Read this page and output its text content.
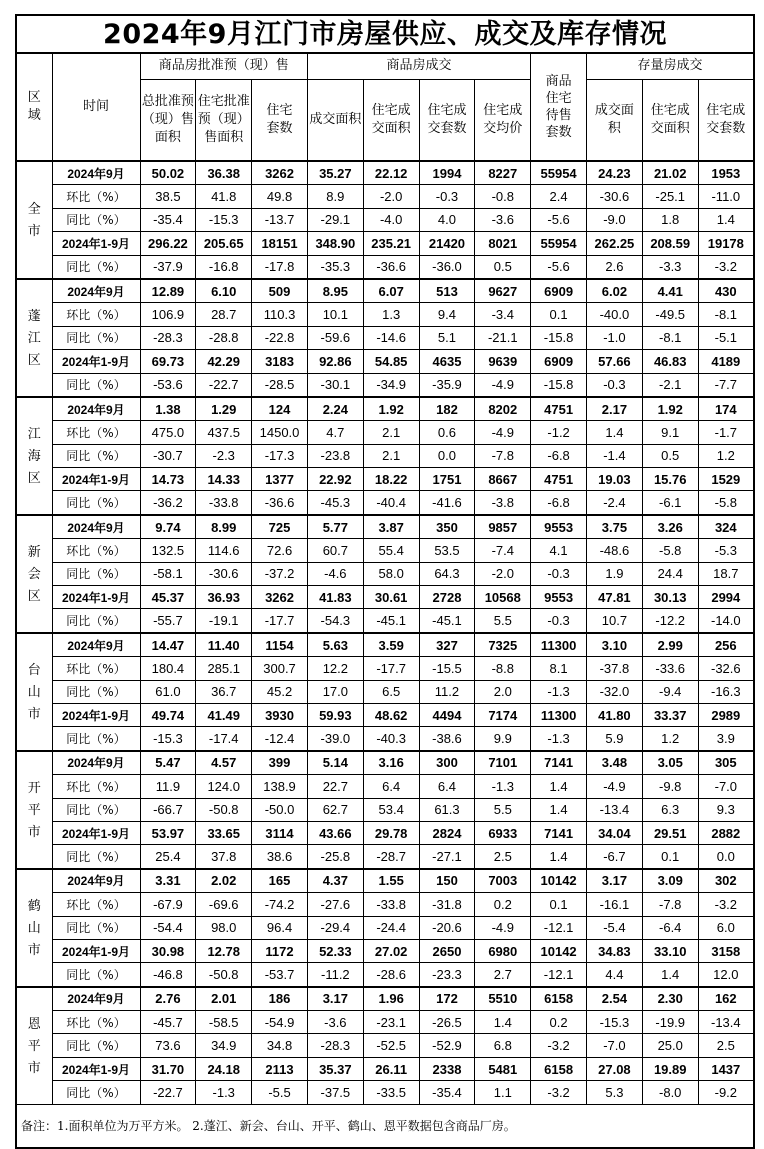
2024年9月江门市房屋供应、成交及库存情况
区
域	时间	商品房批准预（现）售			商品房成交				商品住宅待售套数	存量房成交		
		总批准预（现）售面积	住宅批准预（现）售面积	住宅套数	成交面积	住宅成交面积	住宅成交套数	住宅成交均价		成交面积	住宅成交面积	住宅成交套数

全
市	2024年9月	50.02	36.38	3262	35.27	22.12	1994	8227	55954	24.23	21.02	1953
	环比（%）	38.5	41.8	49.8	8.9	-2.0	-0.3	-0.8	2.4	-30.6	-25.1	-11.0
	同比（%）	-35.4	-15.3	-13.7	-29.1	-4.0	4.0	-3.6	-5.6	-9.0	1.8	1.4
	2024年1-9月	296.22	205.65	18151	348.90	235.21	21420	8021	55954	262.25	208.59	19178
	同比（%）	-37.9	-16.8	-17.8	-35.3	-36.6	-36.0	0.5	-5.6	2.6	-3.3	-3.2

蓬
江
区	2024年9月	12.89	6.10	509	8.95	6.07	513	9627	6909	6.02	4.41	430
	环比（%）	106.9	28.7	110.3	10.1	1.3	9.4	-3.4	0.1	-40.0	-49.5	-8.1
	同比（%）	-28.3	-28.8	-22.8	-59.6	-14.6	5.1	-21.1	-15.8	-1.0	-8.1	-5.1
	2024年1-9月	69.73	42.29	3183	92.86	54.85	4635	9639	6909	57.66	46.83	4189
	同比（%）	-53.6	-22.7	-28.5	-30.1	-34.9	-35.9	-4.9	-15.8	-0.3	-2.1	-7.7

江
海
区	2024年9月	1.38	1.29	124	2.24	1.92	182	8202	4751	2.17	1.92	174
	环比（%）	475.0	437.5	1450.0	4.7	2.1	0.6	-4.9	-1.2	1.4	9.1	-1.7
	同比（%）	-30.7	-2.3	-17.3	-23.8	2.1	0.0	-7.8	-6.8	-1.4	0.5	1.2
	2024年1-9月	14.73	14.33	1377	22.92	18.22	1751	8667	4751	19.03	15.76	1529
	同比（%）	-36.2	-33.8	-36.6	-45.3	-40.4	-41.6	-3.8	-6.8	-2.4	-6.1	-5.8

新
会
区	2024年9月	9.74	8.99	725	5.77	3.87	350	9857	9553	3.75	3.26	324
	环比（%）	132.5	114.6	72.6	60.7	55.4	53.5	-7.4	4.1	-48.6	-5.8	-5.3
	同比（%）	-58.1	-30.6	-37.2	-4.6	58.0	64.3	-2.0	-0.3	1.9	24.4	18.7
	2024年1-9月	45.37	36.93	3262	41.83	30.61	2728	10568	9553	47.81	30.13	2994
	同比（%）	-55.7	-19.1	-17.7	-54.3	-45.1	-45.1	5.5	-0.3	10.7	-12.2	-14.0

台
山
市	2024年9月	14.47	11.40	1154	5.63	3.59	327	7325	11300	3.10	2.99	256
	环比（%）	180.4	285.1	300.7	12.2	-17.7	-15.5	-8.8	8.1	-37.8	-33.6	-32.6
	同比（%）	61.0	36.7	45.2	17.0	6.5	11.2	2.0	-1.3	-32.0	-9.4	-16.3
	2024年1-9月	49.74	41.49	3930	59.93	48.62	4494	7174	11300	41.80	33.37	2989
	同比（%）	-15.3	-17.4	-12.4	-39.0	-40.3	-38.6	9.9	-1.3	5.9	1.2	3.9

开
平
市	2024年9月	5.47	4.57	399	5.14	3.16	300	7101	7141	3.48	3.05	305
	环比（%）	11.9	124.0	138.9	22.7	6.4	6.4	-1.3	1.4	-4.9	-9.8	-7.0
	同比（%）	-66.7	-50.8	-50.0	62.7	53.4	61.3	5.5	1.4	-13.4	6.3	9.3
	2024年1-9月	53.97	33.65	3114	43.66	29.78	2824	6933	7141	34.04	29.51	2882
	同比（%）	25.4	37.8	38.6	-25.8	-28.7	-27.1	2.5	1.4	-6.7	0.1	0.0

鹤
山
市	2024年9月	3.31	2.02	165	4.37	1.55	150	7003	10142	3.17	3.09	302
	环比（%）	-67.9	-69.6	-74.2	-27.6	-33.8	-31.8	0.2	0.1	-16.1	-7.8	-3.2
	同比（%）	-54.4	98.0	96.4	-29.4	-24.4	-20.6	-4.9	-12.1	-5.4	-6.4	6.0
	2024年1-9月	30.98	12.78	1172	52.33	27.02	2650	6980	10142	34.83	33.10	3158
	同比（%）	-46.8	-50.8	-53.7	-11.2	-28.6	-23.3	2.7	-12.1	4.4	1.4	12.0

恩
平
市	2024年9月	2.76	2.01	186	3.17	1.96	172	5510	6158	2.54	2.30	162
	环比（%）	-45.7	-58.5	-54.9	-3.6	-23.1	-26.5	1.4	0.2	-15.3	-19.9	-13.4
	同比（%）	73.6	34.9	34.8	-28.3	-52.5	-52.9	6.8	-3.2	-7.0	25.0	2.5
	2024年1-9月	31.70	24.18	2113	35.37	26.11	2338	5481	6158	27.08	19.89	1437
	同比（%）	-22.7	-1.3	-5.5	-37.5	-33.5	-35.4	1.1	-3.2	5.3	-8.0	-9.2
备注：1.面积单位为万平方米。 2.蓬江、新会、台山、开平、鹤山、恩平数据包含商品厂房。												
